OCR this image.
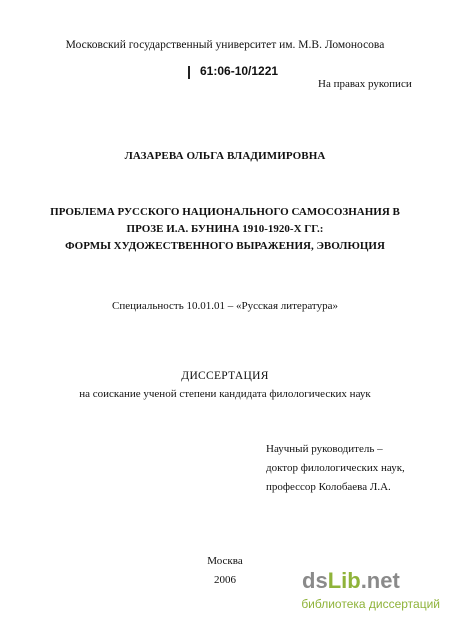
Московский государственный университет им. М.В. Ломоносова
61:06-10/1221
На правах рукописи
ЛАЗАРЕВА ОЛЬГА ВЛАДИМИРОВНА
ПРОБЛЕМА РУССКОГО НАЦИОНАЛЬНОГО САМОСОЗНАНИЯ В
ПРОЗЕ И.А. БУНИНА 1910-1920-Х ГГ.:
ФОРМЫ ХУДОЖЕСТВЕННОГО ВЫРАЖЕНИЯ, ЭВОЛЮЦИЯ
Специальность 10.01.01 – «Русская литература»
ДИССЕРТАЦИЯ
на соискание ученой степени кандидата филологических наук
Научный руководитель –
доктор филологических наук,
профессор Колобаева Л.А.
Москва
2006	dsLib.net
библиотека диссертаций
